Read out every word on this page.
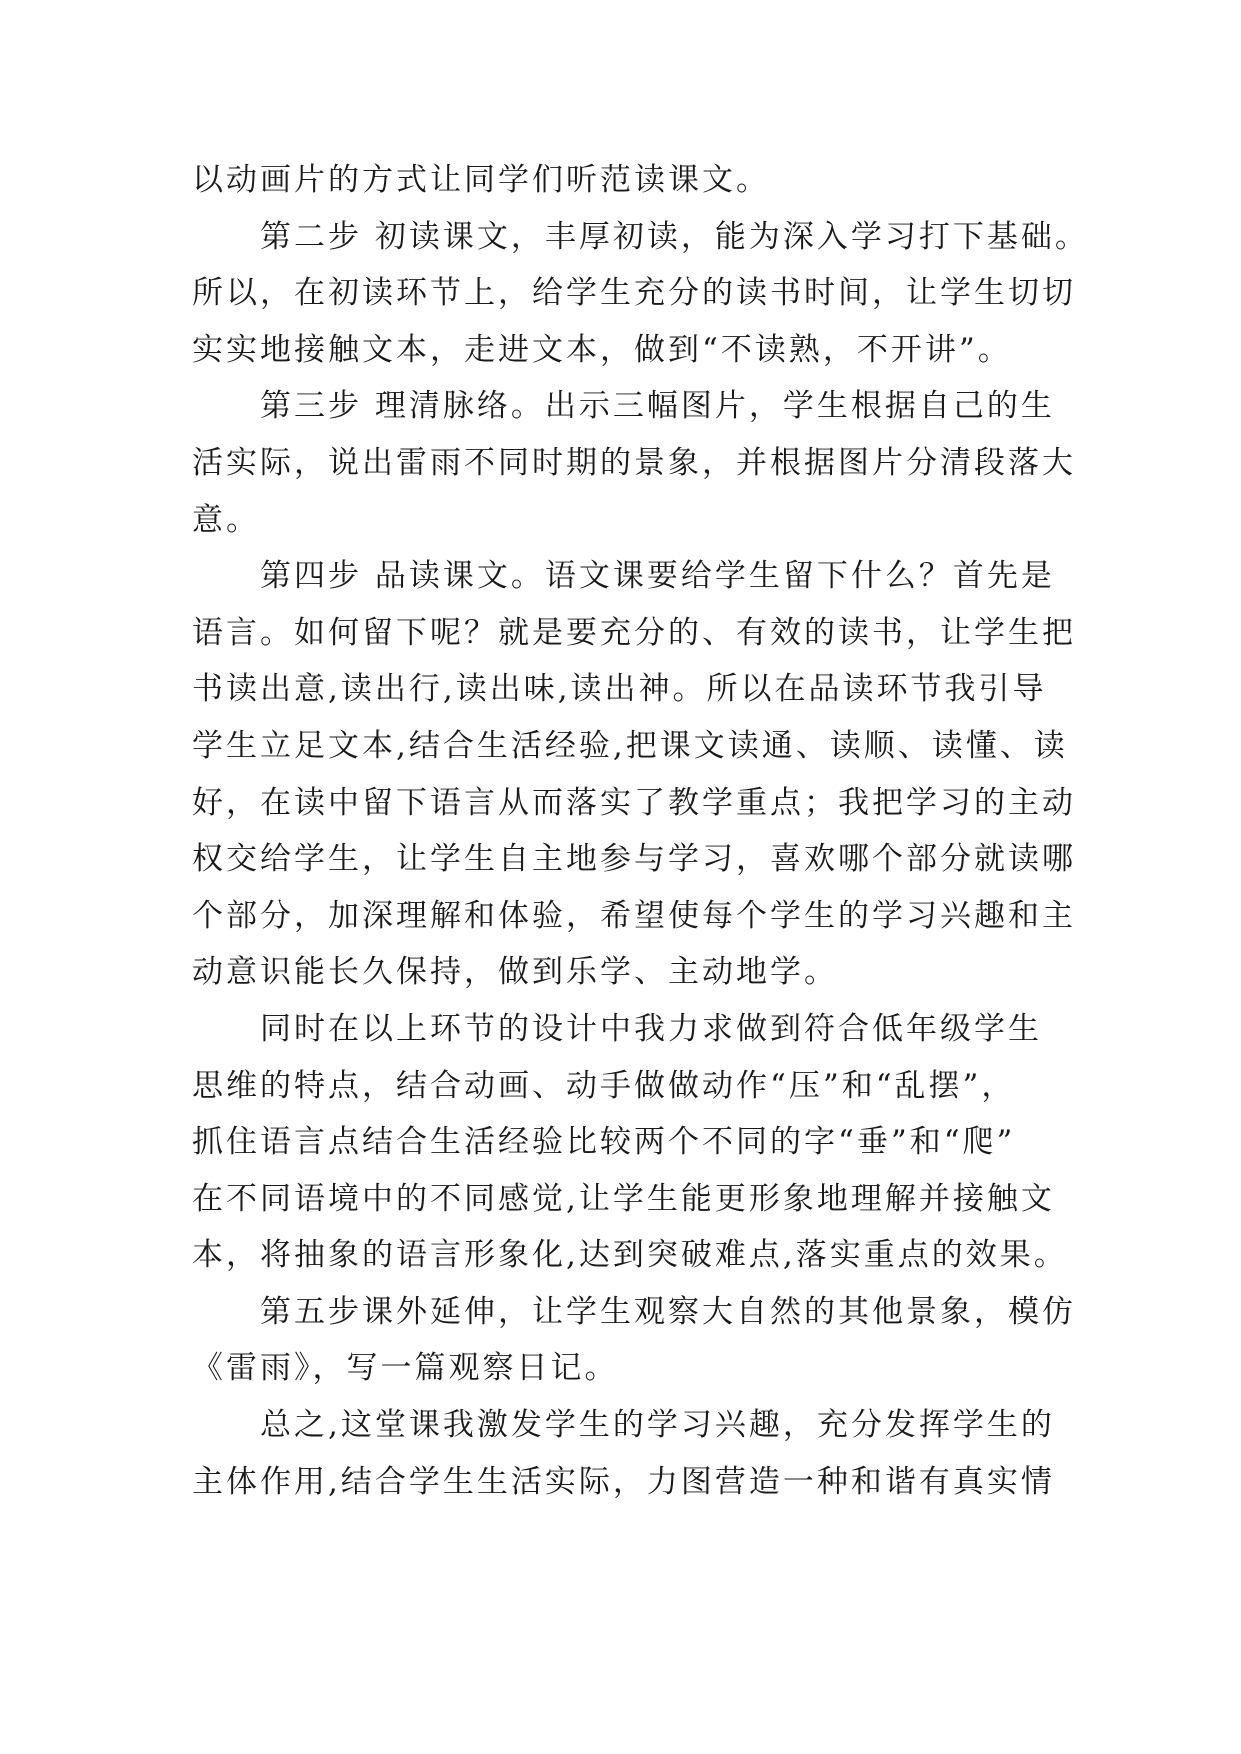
以动画片的方式让同学们听范读课文。
第二步 初读课文，丰厚初读，能为深入学习打下基础。
所以，在初读环节上，给学生充分的读书时间，让学生切切
实实地接触文本，走进文本，做到“不读熟，不开讲”。
第三步 理清脉络。出示三幅图片，学生根据自己的生
活实际，说出雷雨不同时期的景象，并根据图片分清段落大
意。
第四步 品读课文。语文课要给学生留下什么？首先是
语言。如何留下呢？就是要充分的、有效的读书，让学生把
书读出意,读出行,读出味,读出神。所以在品读环节我引导
学生立足文本,结合生活经验,把课文读通、读顺、读懂、读
好，在读中留下语言从而落实了教学重点；我把学习的主动
权交给学生，让学生自主地参与学习，喜欢哪个部分就读哪
个部分，加深理解和体验，希望使每个学生的学习兴趣和主
动意识能长久保持，做到乐学、主动地学。
同时在以上环节的设计中我力求做到符合低年级学生
思维的特点，结合动画、动手做做动作“压”和“乱摆”，
抓住语言点结合生活经验比较两个不同的字“垂”和“爬”
在不同语境中的不同感觉,让学生能更形象地理解并接触文
本，将抽象的语言形象化,达到突破难点,落实重点的效果。
第五步课外延伸，让学生观察大自然的其他景象，模仿
《雷雨》，写一篇观察日记。
总之,这堂课我激发学生的学习兴趣，充分发挥学生的
主体作用,结合学生生活实际，力图营造一种和谐有真实情
